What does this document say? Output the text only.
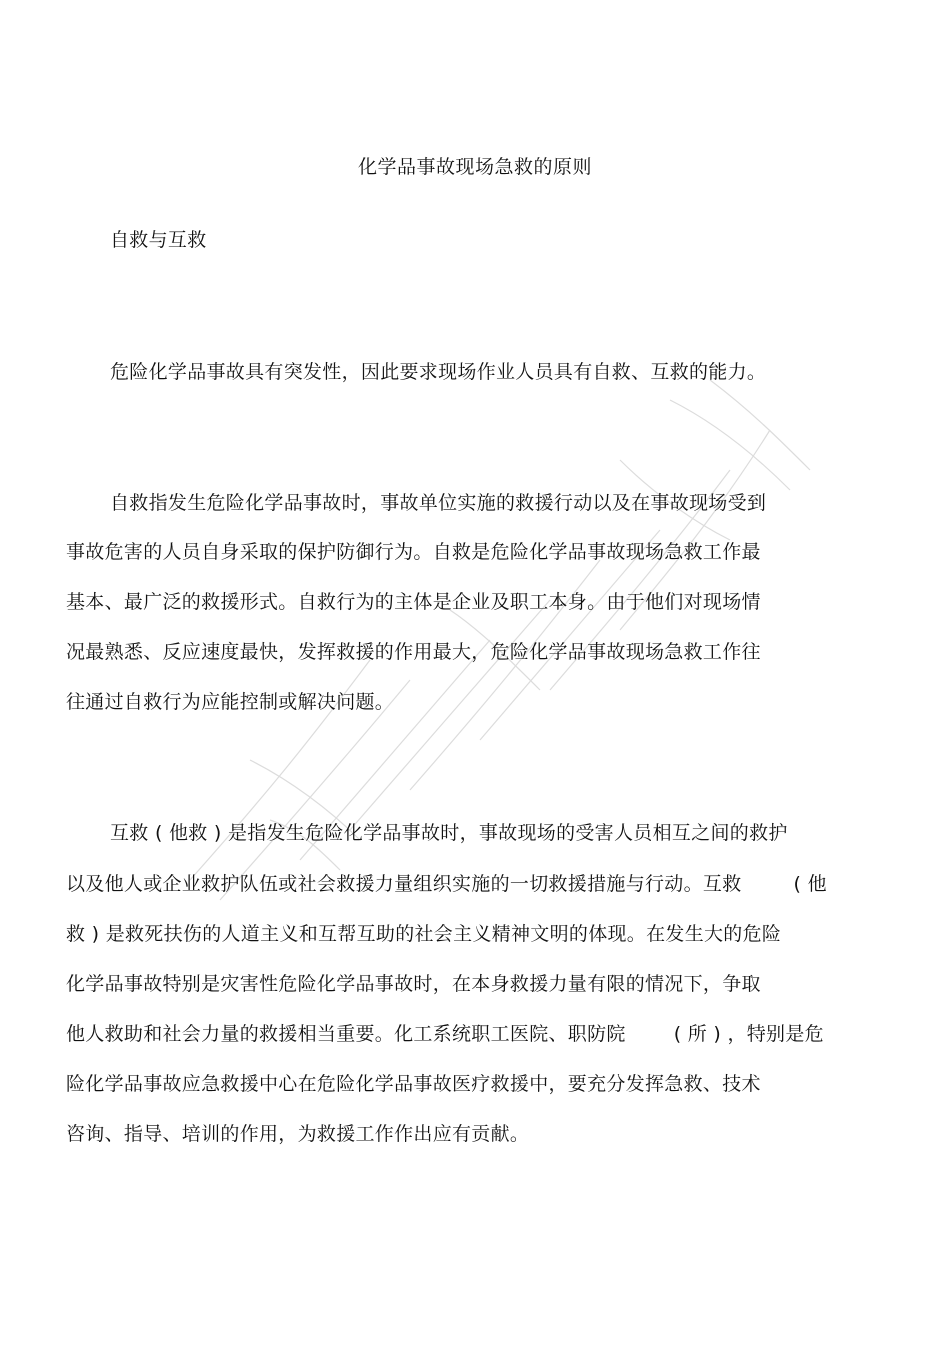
化学品事故现场急救的原则
自救与互救
危险化学品事故具有突发性，因此要求现场作业人员具有自救、互救的能力。
自救指发生危险化学品事故时，事故单位实施的救援行动以及在事故现场受到
事故危害的人员自身采取的保护防御行为。自救是危险化学品事故现场急救工作最
基本、最广泛的救援形式。自救行为的主体是企业及职工本身。由于他们对现场情
况最熟悉、反应速度最快，发挥救援的作用最大，危险化学品事故现场急救工作往
往通过自救行为应能控制或解决问题。
互救 ( 他救 ) 是指发生危险化学品事故时，事故现场的受害人员相互之间的救护
以及他人或企业救护队伍或社会救援力量组织实施的一切救援措施与行动。互救	( 他
救 ) 是救死扶伤的人道主义和互帮互助的社会主义精神文明的体现。在发生大的危险
化学品事故特别是灾害性危险化学品事故时，在本身救援力量有限的情况下，争取
他人救助和社会力量的救援相当重要。化工系统职工医院、职防院	( 所 ) ，特别是危
险化学品事故应急救援中心在危险化学品事故医疗救援中，要充分发挥急救、技术
咨询、指导、培训的作用，为救援工作作出应有贡献。
